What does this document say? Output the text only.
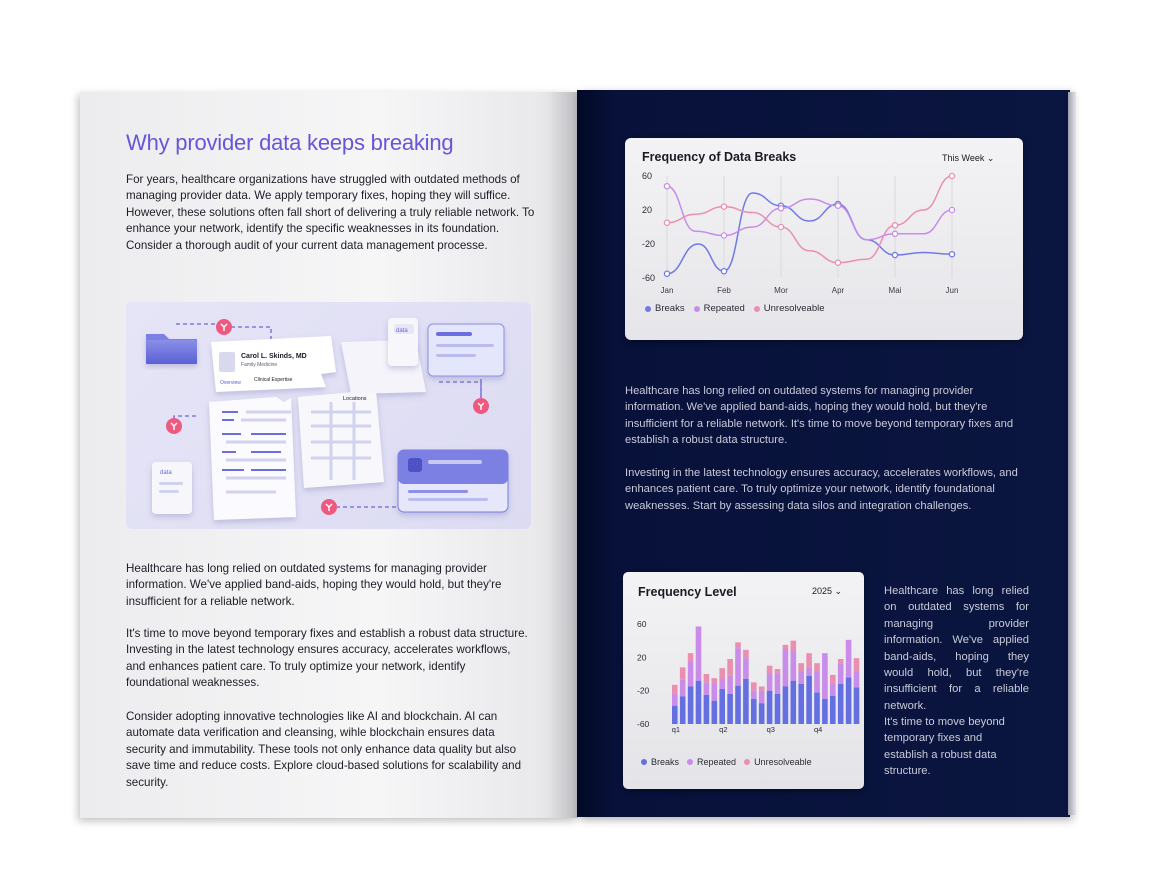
Why provider data keeps breaking
For years, healthcare organizations have struggled with outdated methods of managing provider data. We apply temporary fixes, hoping they will suffice. However, these solutions often fall short of delivering a truly reliable network. To enhance your network, identify the specific weaknesses in its foundation. Consider a thorough audit of your current data management processe.
Carol L. Skinds, MD
Family Medicine
Overview	Clinical Expertise
Locations
data
data
Healthcare has long relied on outdated systems for managing provider information. We've applied band-aids, hoping they would hold, but they're insufficient for a reliable network.
It's time to move beyond temporary fixes and establish a robust data structure. Investing in the latest technology ensures accuracy, accelerates workflows, and enhances patient care. To truly optimize your network, identify foundational weaknesses.
Consider adopting innovative technologies like AI and blockchain. AI can automate data verification and cleansing, wihle blockchain ensures data security and immutability. These tools not only enhance data quality but also save time and reduce costs. Explore cloud-based solutions for scalability and security.
Frequency of Data Breaks	This Week ⌄
Jan	Feb	Mor	Apr	Mai	Jun
60
20
-20
-60
Breaks Repeated Unresolveable
Healthcare has long relied on outdated systems for managing provider information. We've applied band-aids, hoping they would hold, but they're insufficient for a reliable network. It's time to move beyond temporary fixes and establish a robust data structure.
Investing in the latest technology ensures accuracy, accelerates workflows, and enhances patient care. To truly optimize your network, identify foundational weaknesses. Start by assessing data silos and integration challenges.
Frequency Level	2025 ⌄
60
20
-20
-60
q1	q2	q3	q4
Breaks Repeated Unresolveable
Healthcare has long relied on outdated systems for managing provider information. We've applied band-aids, hoping they would hold, but they're insufficient for a reliable network.
It's time to move beyond temporary fixes and establish a robust data structure.
